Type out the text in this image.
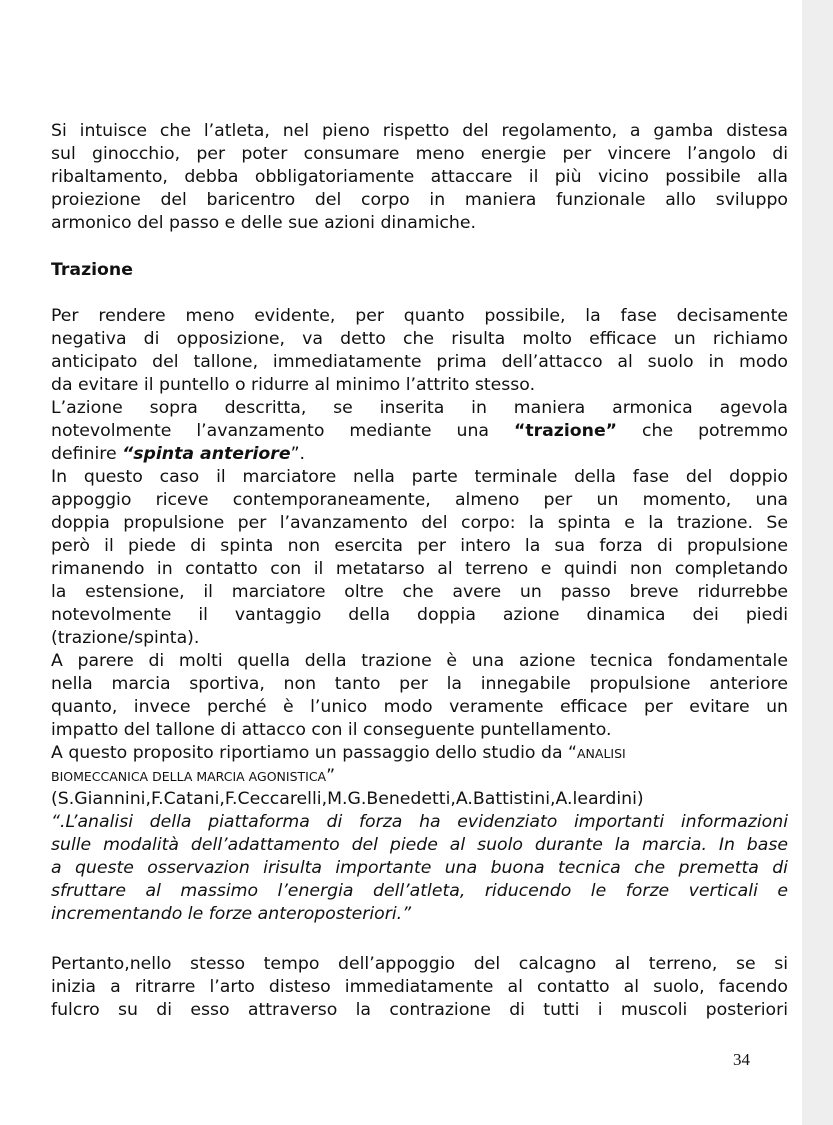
Si intuisce che l’atleta, nel pieno rispetto del regolamento, a gamba distesa
sul ginocchio, per poter consumare meno energie per vincere l’angolo di
ribaltamento, debba obbligatoriamente attaccare il più vicino possibile alla
proiezione del baricentro del corpo in maniera funzionale allo sviluppo
armonico del passo e delle sue azioni dinamiche.
Trazione
Per rendere meno evidente, per quanto possibile, la fase decisamente
negativa di opposizione, va detto che risulta molto efficace un richiamo
anticipato del tallone, immediatamente prima dell’attacco al suolo in modo
da evitare il puntello o ridurre al minimo l’attrito stesso.
L’azione sopra descritta, se inserita in maniera armonica agevola
notevolmente l’avanzamento mediante una “trazione” che potremmo
definire “spinta anteriore”.
In questo caso il marciatore nella parte terminale della fase del doppio
appoggio riceve contemporaneamente, almeno per un momento, una
doppia propulsione per l’avanzamento del corpo: la spinta e la trazione. Se
però il piede di spinta non esercita per intero la sua forza di propulsione
rimanendo in contatto con il metatarso al terreno e quindi non completando
la estensione, il marciatore oltre che avere un passo breve ridurrebbe
notevolmente il vantaggio della doppia azione dinamica dei piedi
(trazione/spinta).
A parere di molti quella della trazione è una azione tecnica fondamentale
nella marcia sportiva, non tanto per la innegabile propulsione anteriore
quanto, invece perché è l’unico modo veramente efficace per evitare un
impatto del tallone di attacco con il conseguente puntellamento.
A questo proposito riportiamo un passaggio dello studio da “ANALISI
BIOMECCANICA DELLA MARCIA AGONISTICA”
(S.Giannini,F.Catani,F.Ceccarelli,M.G.Benedetti,A.Battistini,A.leardini)
“.L’analisi della piattaforma di forza ha evidenziato importanti informazioni
sulle modalità dell’adattamento del piede al suolo durante la marcia. In base
a queste osservazion irisulta importante una buona tecnica che premetta di
sfruttare al massimo l’energia dell’atleta, riducendo le forze verticali e
incrementando le forze anteroposteriori.”
Pertanto,nello stesso tempo dell’appoggio del calcagno al terreno, se si
inizia a ritrarre l’arto disteso immediatamente al contatto al suolo, facendo
fulcro su di esso attraverso la contrazione di tutti i muscoli posteriori
34
